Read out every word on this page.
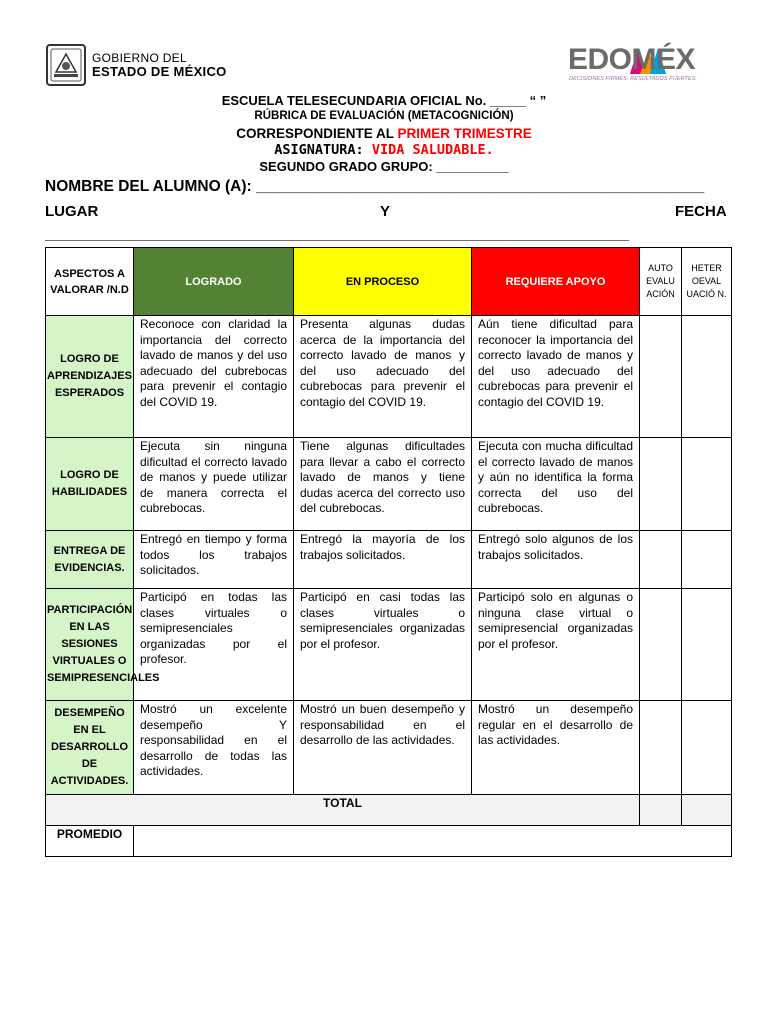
GOBIERNO DEL
ESTADO DE MÉXICO	EDOMÉX
DECISIONES FIRMES, RESULTADOS FUERTES.
ESCUELA TELESECUNDARIA OFICIAL No. _____ “ ”
RÚBRICA DE EVALUACIÓN (METACOGNICIÓN)
CORRESPONDIENTE AL PRIMER TRIMESTRE
ASIGNATURA: VIDA SALUDABLE.
SEGUNDO GRADO GRUPO: __________
NOMBRE DEL ALUMNO (A): ____________________________________________________
LUGAR	Y	FECHA
______________________________________________________________________
ASPECTOS A VALORAR /N.D	LOGRADO	EN PROCESO	REQUIERE APOYO	AUTO EVALU ACIÓN	HETER OEVAL UACIÓ N.
LOGRO DE APRENDIZAJES ESPERADOS	Reconoce con claridad la importancia del correcto lavado de manos y del uso adecuado del cubrebocas para prevenir el contagio del COVID 19.	Presenta algunas dudas acerca de la importancia del correcto lavado de manos y del uso adecuado del cubrebocas para prevenir el contagio del COVID 19.	Aún tiene dificultad para reconocer la importancia del correcto lavado de manos y del uso adecuado del cubrebocas para prevenir el contagio del COVID 19.		
LOGRO DE HABILIDADES	Ejecuta sin ninguna dificultad el correcto lavado de manos y puede utilizar de manera correcta el cubrebocas.	Tiene algunas dificultades para llevar a cabo el correcto lavado de manos y tiene dudas acerca del correcto uso del cubrebocas.	Ejecuta con mucha dificultad el correcto lavado de manos y aún no identifica la forma correcta del uso del cubrebocas.		
ENTREGA DE EVIDENCIAS.	Entregó en tiempo y forma todos los trabajos solicitados.	Entregó la mayoría de los trabajos solicitados.	Entregó solo algunos de los trabajos solicitados.		
PARTICIPACIÓN EN LAS SESIONES VIRTUALES O SEMIPRESENCIALES	Participó en todas las clases virtuales o semipresenciales organizadas por el profesor.	Participó en casi todas las clases virtuales o semipresenciales organizadas por el profesor.	Participó solo en algunas o ninguna clase virtual o semipresencial organizadas por el profesor.		
DESEMPEÑO EN EL DESARROLLO DE ACTIVIDADES.	Mostró un excelente desempeño Y responsabilidad en el desarrollo de todas las actividades.	Mostró un buen desempeño y responsabilidad en el desarrollo de las actividades.	Mostró un desempeño regular en el desarrollo de las actividades.		
TOTAL					
PROMEDIO					
